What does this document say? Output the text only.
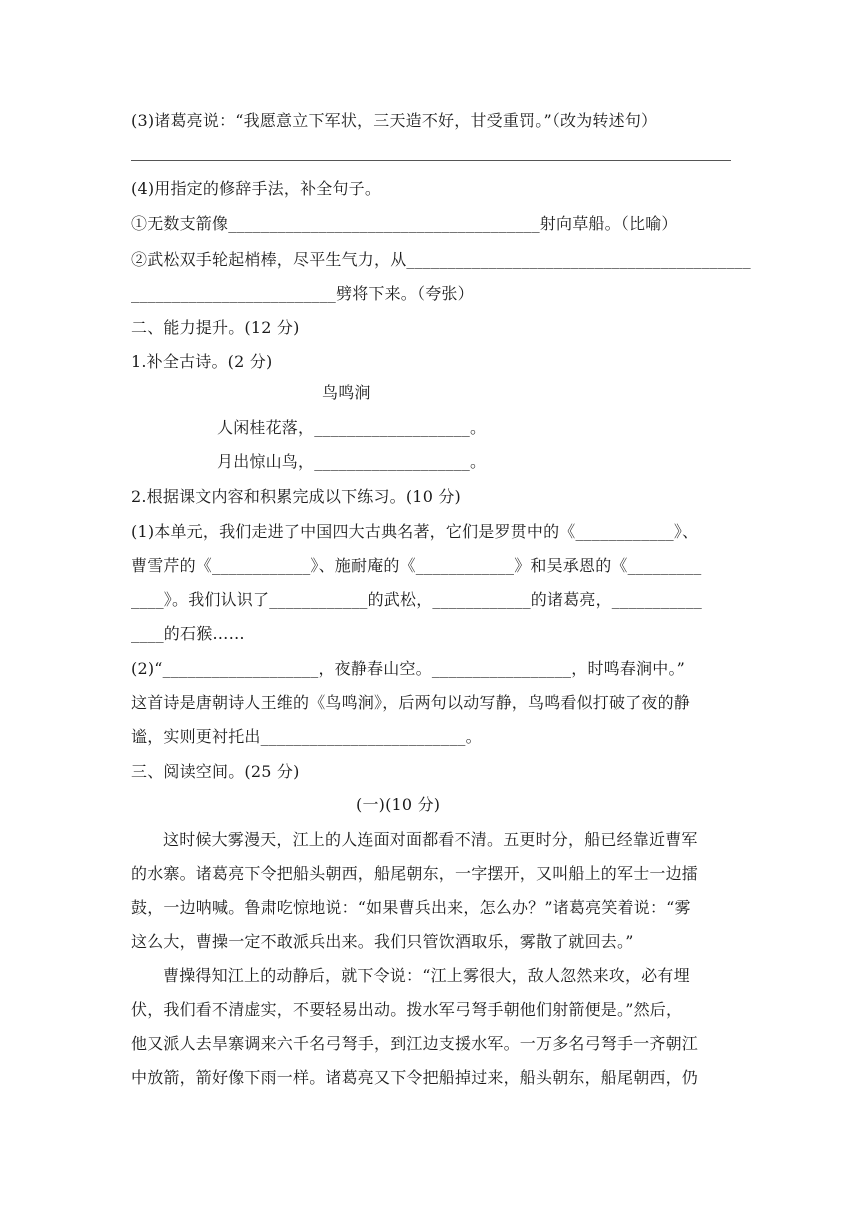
(3)诸葛亮说：“我愿意立下军状，三天造不好，甘受重罚。”（改为转述句）
(4)用指定的修辞手法，补全句子。
①无数支箭像______________________________________射向草船。（比喻）
②武松双手轮起梢棒，尽平生气力，从__________________________________________
_________________________劈将下来。（夸张）
二、能力提升。(12 分)
1.补全古诗。(2 分)
鸟鸣涧
人闲桂花落，___________________。
月出惊山鸟，___________________。
2.根据课文内容和积累完成以下练习。(10 分)
(1)本单元，我们走进了中国四大古典名著，它们是罗贯中的《____________》、
曹雪芹的《____________》、施耐庵的《____________》和吴承恩的《_________
____》。我们认识了____________的武松，____________的诸葛亮，___________
____的石猴……
(2)“___________________，夜静春山空。_________________，时鸣春涧中。”
这首诗是唐朝诗人王维的《鸟鸣涧》，后两句以动写静，鸟鸣看似打破了夜的静
谧，实则更衬托出_________________________。
三、阅读空间。(25 分)
(一)(10 分)
这时候大雾漫天，江上的人连面对面都看不清。五更时分，船已经靠近曹军
的水寨。诸葛亮下令把船头朝西，船尾朝东，一字摆开，又叫船上的军士一边擂
鼓，一边呐喊。鲁肃吃惊地说：“如果曹兵出来，怎么办？”诸葛亮笑着说：“雾
这么大，曹操一定不敢派兵出来。我们只管饮酒取乐，雾散了就回去。”
曹操得知江上的动静后，就下令说：“江上雾很大，敌人忽然来攻，必有埋
伏，我们看不清虚实，不要轻易出动。拨水军弓弩手朝他们射箭便是。”然后，
他又派人去旱寨调来六千名弓弩手，到江边支援水军。一万多名弓弩手一齐朝江
中放箭，箭好像下雨一样。诸葛亮又下令把船掉过来，船头朝东，船尾朝西，仍
